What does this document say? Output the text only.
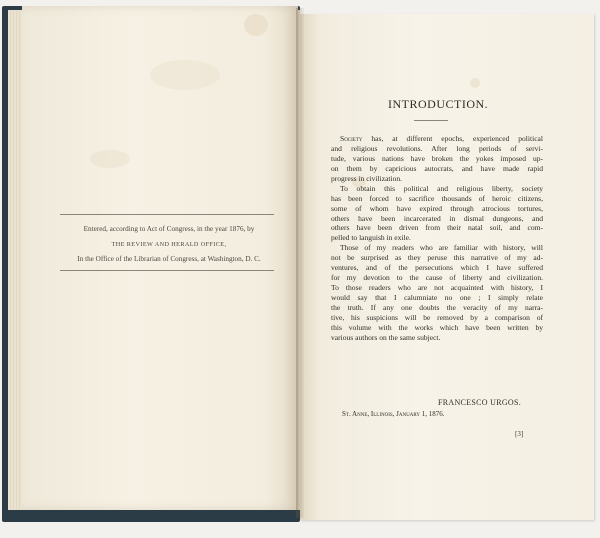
Entered, according to Act of Congress, in the year 1876, by
THE REVIEW AND HERALD OFFICE,
In the Office of the Librarian of Congress, at Washington, D. C.
INTRODUCTION.
Society has, at different epochs, experienced political
and religious revolutions. After long periods of servi-
tude, various nations have broken the yokes imposed up-
on them by capricious autocrats, and have made rapid
progress in civilization.
To obtain this political and religious liberty, society
has been forced to sacrifice thousands of heroic citizens,
some of whom have expired through atrocious tortures,
others have been incarcerated in dismal dungeons, and
others have been driven from their natal soil, and com-
pelled to languish in exile.
Those of my readers who are familiar with history, will
not be surprised as they peruse this narrative of my ad-
ventures, and of the persecutions which I have suffered
for my devotion to the cause of liberty and civilization.
To those readers who are not acquainted with history, I
would say that I calumniate no one ; I simply relate
the truth. If any one doubts the veracity of my narra-
tive, his suspicions will be removed by a comparison of
this volume with the works which have been written by
various authors on the same subject.
FRANCESCO URGOS.
St. Anne, Illinois, January 1, 1876.
[3]
